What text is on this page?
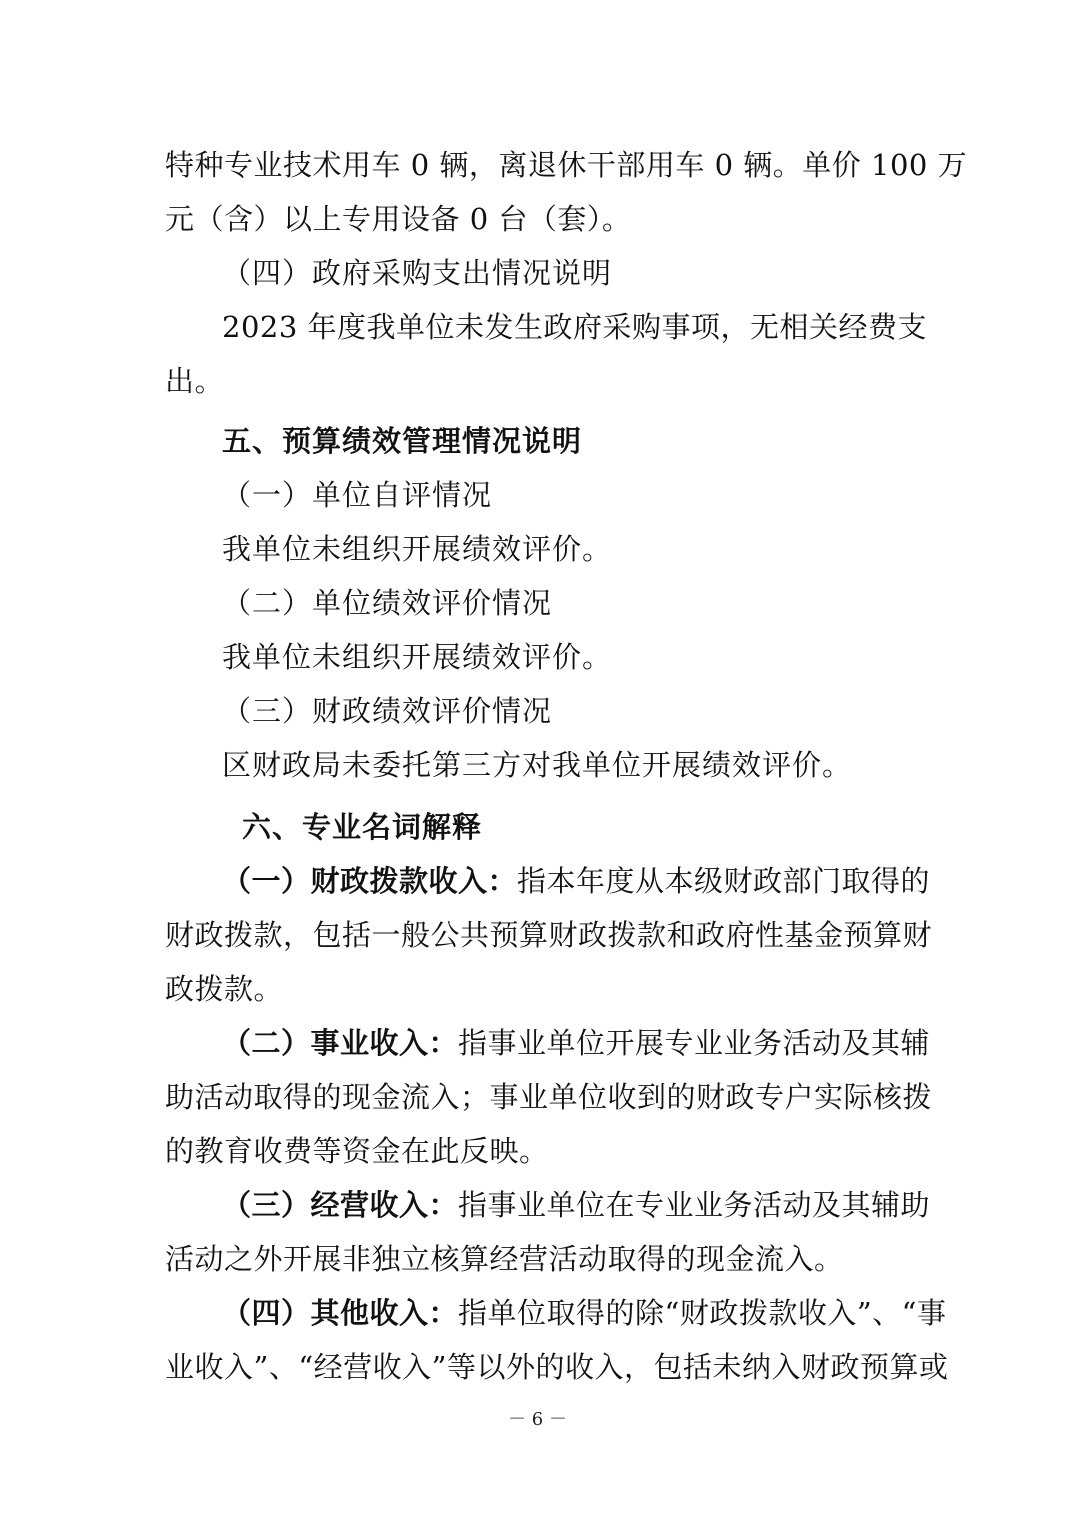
特种专业技术用车 0 辆，离退休干部用车 0 辆。单价 100 万
元（含）以上专用设备 0 台（套）。
（四）政府采购支出情况说明
2023 年度我单位未发生政府采购事项，无相关经费支
出。
五、预算绩效管理情况说明
（一）单位自评情况
我单位未组织开展绩效评价。
（二）单位绩效评价情况
我单位未组织开展绩效评价。
（三）财政绩效评价情况
区财政局未委托第三方对我单位开展绩效评价。
六、专业名词解释
（一）财政拨款收入：指本年度从本级财政部门取得的
财政拨款，包括一般公共预算财政拨款和政府性基金预算财
政拨款。
（二）事业收入：指事业单位开展专业业务活动及其辅
助活动取得的现金流入；事业单位收到的财政专户实际核拨
的教育收费等资金在此反映。
（三）经营收入：指事业单位在专业业务活动及其辅助
活动之外开展非独立核算经营活动取得的现金流入。
（四）其他收入：指单位取得的除“财政拨款收入”、“事
业收入”、“经营收入”等以外的收入，包括未纳入财政预算或
－ 6 －
